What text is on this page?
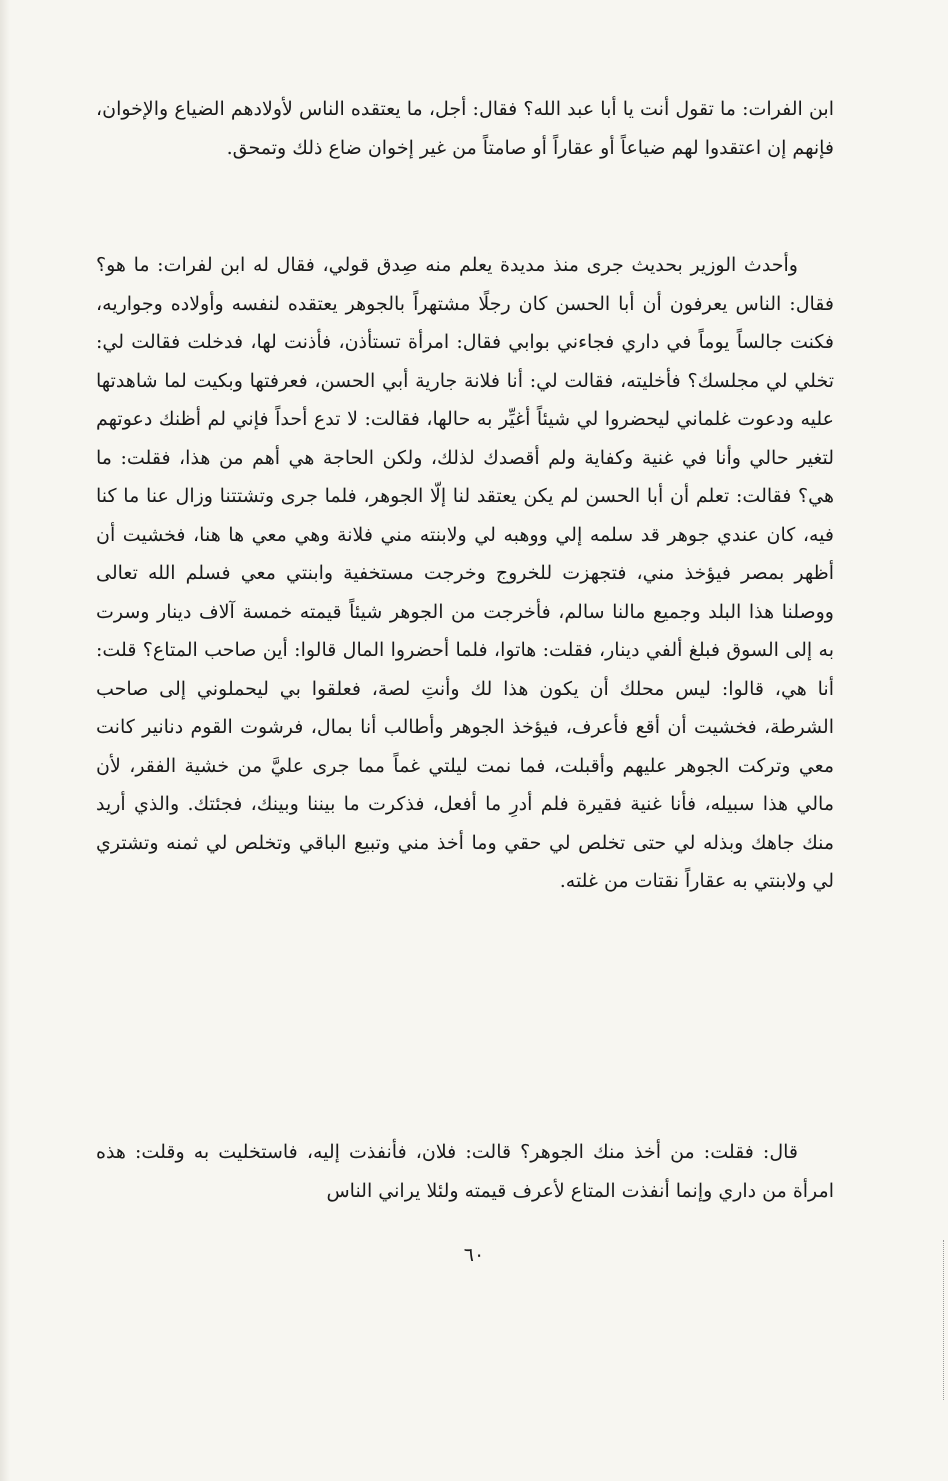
ابن الفرات: ما تقول أنت يا أبا عبد الله؟ فقال: أجل، ما يعتقده الناس لأولادهم الضياع والإخوان، فإنهم إن اعتقدوا لهم ضياعاً أو عقاراً أو صامتاً من غير إخوان ضاع ذلك وتمحق.

وأحدث الوزير بحديث جرى منذ مديدة يعلم منه صِدق قولي، فقال له ابن لفرات: ما هو؟ فقال: الناس يعرفون أن أبا الحسن كان رجلًا مشتهراً بالجوهر يعتقده لنفسه وأولاده وجواريه، فكنت جالساً يوماً في داري فجاءني بوابي فقال: امرأة تستأذن، فأذنت لها، فدخلت فقالت لي: تخلي لي مجلسك؟ فأخليته، فقالت لي: أنا فلانة جارية أبي الحسن، فعرفتها وبكيت لما شاهدتها عليه ودعوت غلماني ليحضروا لي شيئاً أغيِّر به حالها، فقالت: لا تدع أحداً فإني لم أظنك دعوتهم لتغير حالي وأنا في غنية وكفاية ولم أقصدك لذلك، ولكن الحاجة هي أهم من هذا، فقلت: ما هي؟ فقالت: تعلم أن أبا الحسن لم يكن يعتقد لنا إلّا الجوهر، فلما جرى وتشتتنا وزال عنا ما كنا فيه، كان عندي جوهر قد سلمه إلي ووهبه لي ولابنته مني فلانة وهي معي ها هنا، فخشيت أن أظهر بمصر فيؤخذ مني، فتجهزت للخروج وخرجت مستخفية وابنتي معي فسلم الله تعالى ووصلنا هذا البلد وجميع مالنا سالم، فأخرجت من الجوهر شيئاً قيمته خمسة آلاف دينار وسرت به إلى السوق فبلغ ألفي دينار، فقلت: هاتوا، فلما أحضروا المال قالوا: أين صاحب المتاع؟ قلت: أنا هي، قالوا: ليس محلك أن يكون هذا لك وأنتِ لصة، فعلقوا بي ليحملوني إلى صاحب الشرطة، فخشيت أن أقع فأعرف، فيؤخذ الجوهر وأطالب أنا بمال، فرشوت القوم دنانير كانت معي وتركت الجوهر عليهم وأقبلت، فما نمت ليلتي غماً مما جرى عليَّ من خشية الفقر، لأن مالي هذا سبيله، فأنا غنية فقيرة فلم أدرِ ما أفعل، فذكرت ما بيننا وبينك، فجئتك. والذي أريد منك جاهك وبذله لي حتى تخلص لي حقي وما أخذ مني وتبيع الباقي وتخلص لي ثمنه وتشتري لي ولابنتي به عقاراً نقتات من غلته.

قال: فقلت: من أخذ منك الجوهر؟ قالت: فلان، فأنفذت إليه، فاستخليت به وقلت: هذه امرأة من داري وإنما أنفذت المتاع لأعرف قيمته ولئلا يراني الناس

٦٠
